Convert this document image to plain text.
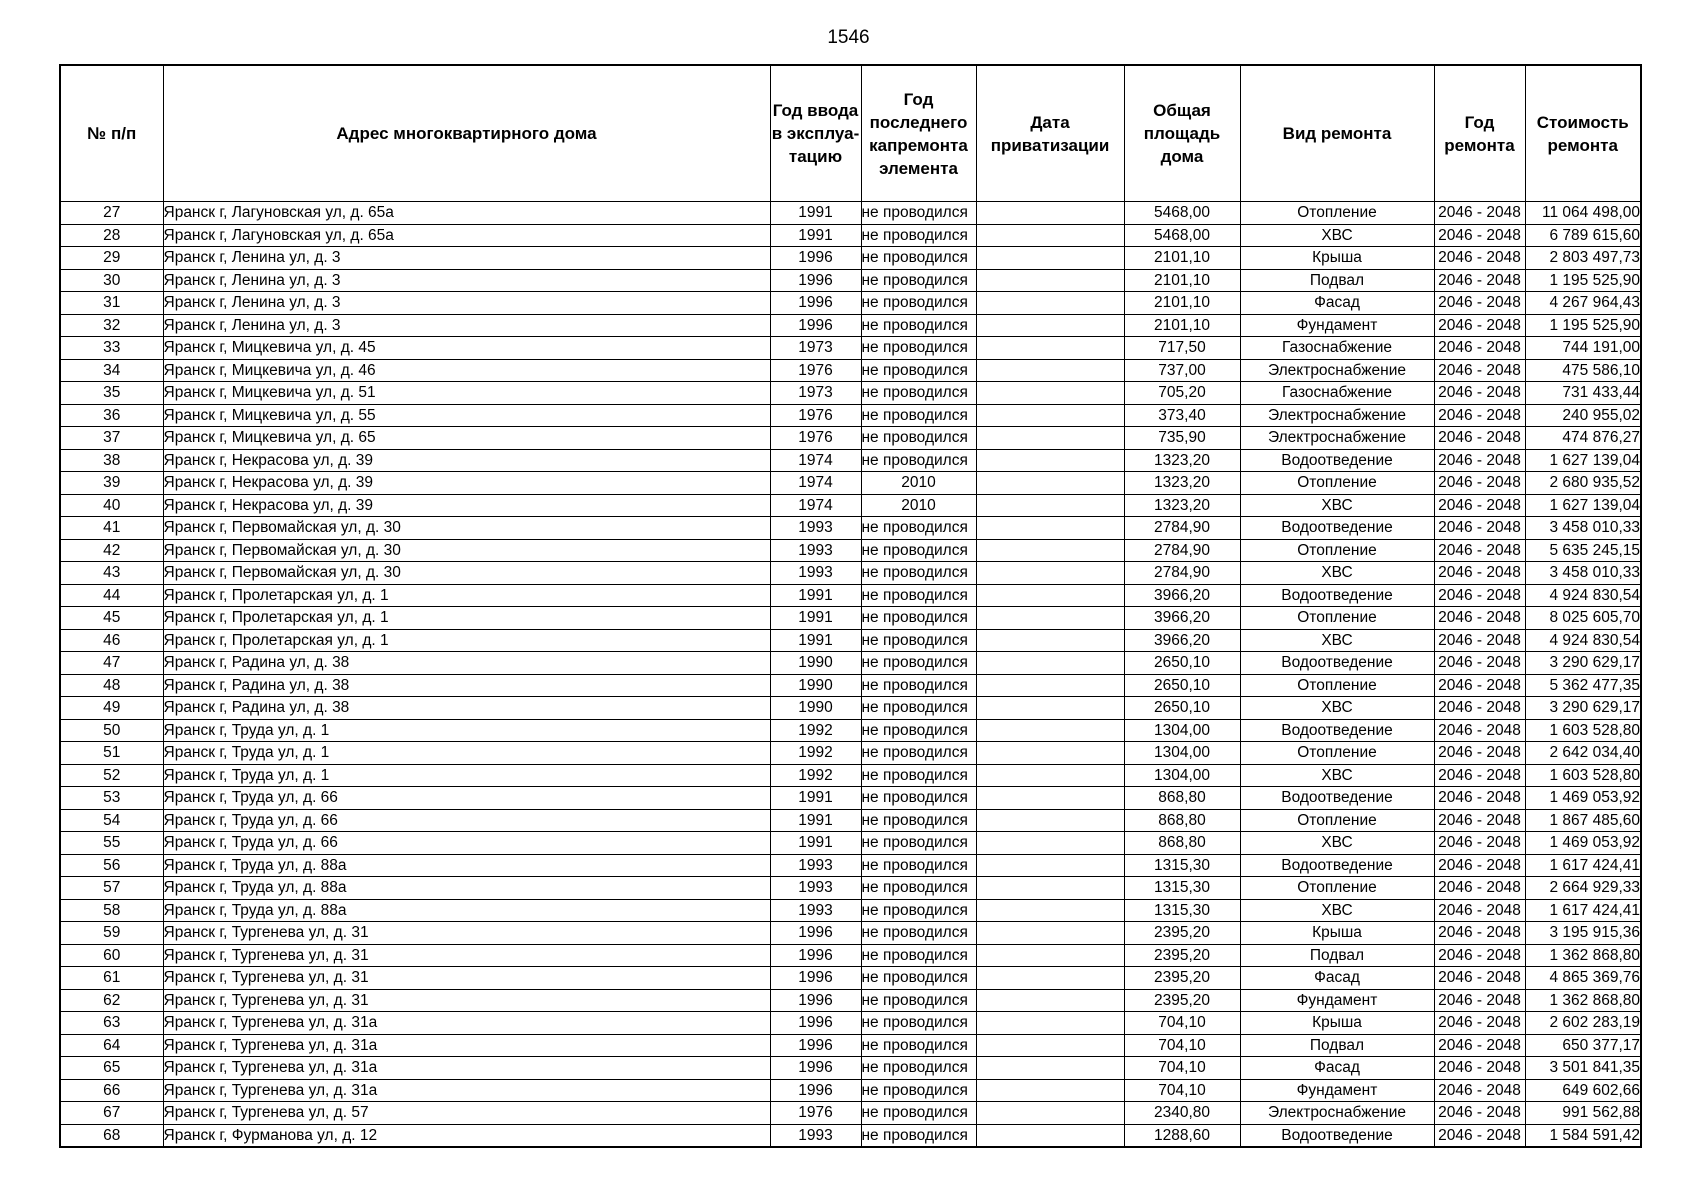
1546
№ п/п	Адрес многоквартирного дома	Год ввода в эксплуа-тацию	Год последнего капремонта элемента	Дата приватизации	Общая площадь дома	Вид ремонта	Год ремонта	Стоимость ремонта
27	Яранск г, Лагуновская ул, д. 65а	1991	не проводился		5468,00	Отопление	2046 - 2048	11 064 498,00
28	Яранск г, Лагуновская ул, д. 65а	1991	не проводился		5468,00	ХВС	2046 - 2048	6 789 615,60
29	Яранск г, Ленина ул, д. 3	1996	не проводился		2101,10	Крыша	2046 - 2048	2 803 497,73
30	Яранск г, Ленина ул, д. 3	1996	не проводился		2101,10	Подвал	2046 - 2048	1 195 525,90
31	Яранск г, Ленина ул, д. 3	1996	не проводился		2101,10	Фасад	2046 - 2048	4 267 964,43
32	Яранск г, Ленина ул, д. 3	1996	не проводился		2101,10	Фундамент	2046 - 2048	1 195 525,90
33	Яранск г, Мицкевича ул, д. 45	1973	не проводился		717,50	Газоснабжение	2046 - 2048	744 191,00
34	Яранск г, Мицкевича ул, д. 46	1976	не проводился		737,00	Электроснабжение	2046 - 2048	475 586,10
35	Яранск г, Мицкевича ул, д. 51	1973	не проводился		705,20	Газоснабжение	2046 - 2048	731 433,44
36	Яранск г, Мицкевича ул, д. 55	1976	не проводился		373,40	Электроснабжение	2046 - 2048	240 955,02
37	Яранск г, Мицкевича ул, д. 65	1976	не проводился		735,90	Электроснабжение	2046 - 2048	474 876,27
38	Яранск г, Некрасова ул, д. 39	1974	не проводился		1323,20	Водоотведение	2046 - 2048	1 627 139,04
39	Яранск г, Некрасова ул, д. 39	1974	2010		1323,20	Отопление	2046 - 2048	2 680 935,52
40	Яранск г, Некрасова ул, д. 39	1974	2010		1323,20	ХВС	2046 - 2048	1 627 139,04
41	Яранск г, Первомайская ул, д. 30	1993	не проводился		2784,90	Водоотведение	2046 - 2048	3 458 010,33
42	Яранск г, Первомайская ул, д. 30	1993	не проводился		2784,90	Отопление	2046 - 2048	5 635 245,15
43	Яранск г, Первомайская ул, д. 30	1993	не проводился		2784,90	ХВС	2046 - 2048	3 458 010,33
44	Яранск г, Пролетарская ул, д. 1	1991	не проводился		3966,20	Водоотведение	2046 - 2048	4 924 830,54
45	Яранск г, Пролетарская ул, д. 1	1991	не проводился		3966,20	Отопление	2046 - 2048	8 025 605,70
46	Яранск г, Пролетарская ул, д. 1	1991	не проводился		3966,20	ХВС	2046 - 2048	4 924 830,54
47	Яранск г, Радина ул, д. 38	1990	не проводился		2650,10	Водоотведение	2046 - 2048	3 290 629,17
48	Яранск г, Радина ул, д. 38	1990	не проводился		2650,10	Отопление	2046 - 2048	5 362 477,35
49	Яранск г, Радина ул, д. 38	1990	не проводился		2650,10	ХВС	2046 - 2048	3 290 629,17
50	Яранск г, Труда ул, д. 1	1992	не проводился		1304,00	Водоотведение	2046 - 2048	1 603 528,80
51	Яранск г, Труда ул, д. 1	1992	не проводился		1304,00	Отопление	2046 - 2048	2 642 034,40
52	Яранск г, Труда ул, д. 1	1992	не проводился		1304,00	ХВС	2046 - 2048	1 603 528,80
53	Яранск г, Труда ул, д. 66	1991	не проводился		868,80	Водоотведение	2046 - 2048	1 469 053,92
54	Яранск г, Труда ул, д. 66	1991	не проводился		868,80	Отопление	2046 - 2048	1 867 485,60
55	Яранск г, Труда ул, д. 66	1991	не проводился		868,80	ХВС	2046 - 2048	1 469 053,92
56	Яранск г, Труда ул, д. 88а	1993	не проводился		1315,30	Водоотведение	2046 - 2048	1 617 424,41
57	Яранск г, Труда ул, д. 88а	1993	не проводился		1315,30	Отопление	2046 - 2048	2 664 929,33
58	Яранск г, Труда ул, д. 88а	1993	не проводился		1315,30	ХВС	2046 - 2048	1 617 424,41
59	Яранск г, Тургенева ул, д. 31	1996	не проводился		2395,20	Крыша	2046 - 2048	3 195 915,36
60	Яранск г, Тургенева ул, д. 31	1996	не проводился		2395,20	Подвал	2046 - 2048	1 362 868,80
61	Яранск г, Тургенева ул, д. 31	1996	не проводился		2395,20	Фасад	2046 - 2048	4 865 369,76
62	Яранск г, Тургенева ул, д. 31	1996	не проводился		2395,20	Фундамент	2046 - 2048	1 362 868,80
63	Яранск г, Тургенева ул, д. 31а	1996	не проводился		704,10	Крыша	2046 - 2048	2 602 283,19
64	Яранск г, Тургенева ул, д. 31а	1996	не проводился		704,10	Подвал	2046 - 2048	650 377,17
65	Яранск г, Тургенева ул, д. 31а	1996	не проводился		704,10	Фасад	2046 - 2048	3 501 841,35
66	Яранск г, Тургенева ул, д. 31а	1996	не проводился		704,10	Фундамент	2046 - 2048	649 602,66
67	Яранск г, Тургенева ул, д. 57	1976	не проводился		2340,80	Электроснабжение	2046 - 2048	991 562,88
68	Яранск г, Фурманова ул, д. 12	1993	не проводился		1288,60	Водоотведение	2046 - 2048	1 584 591,42
